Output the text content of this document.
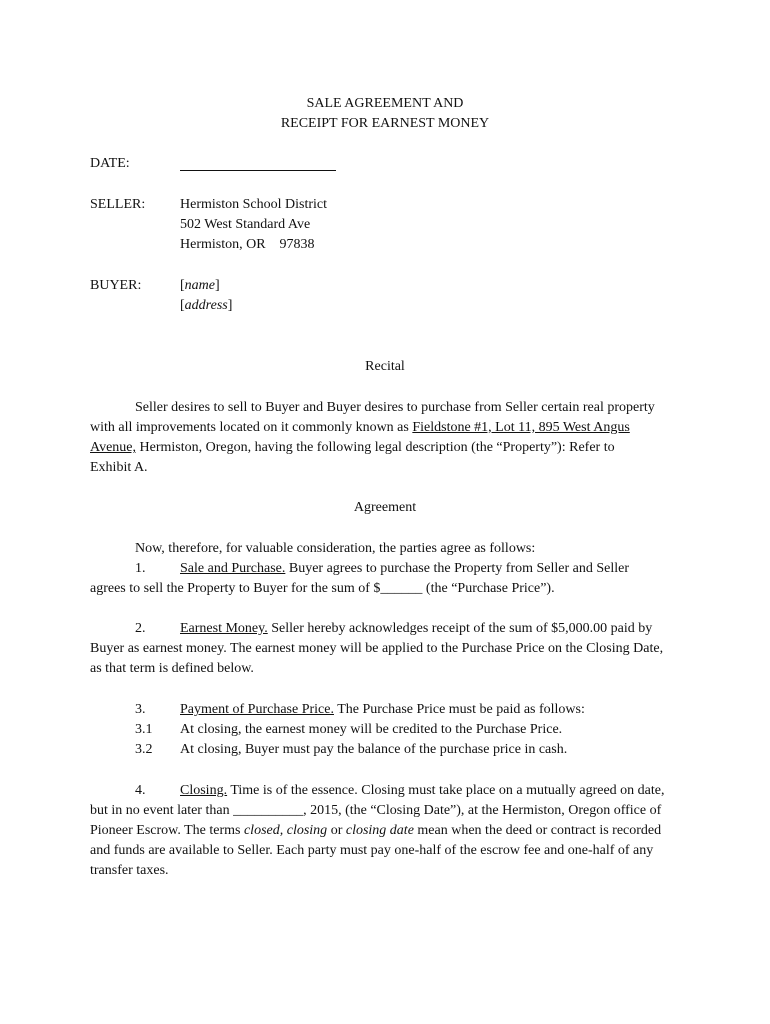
SALE AGREEMENT AND
RECEIPT FOR EARNEST MONEY
DATE:
SELLER: Hermiston School District
502 West Standard Ave
Hermiston, OR    97838
BUYER:	[name]
[address]
Recital
Seller desires to sell to Buyer and Buyer desires to purchase from Seller certain real property
with all improvements located on it commonly known as Fieldstone #1, Lot 11, 895 West Angus
Avenue, Hermiston, Oregon, having the following legal description (the “Property”): Refer to
Exhibit A.
Agreement
Now, therefore, for valuable consideration, the parties agree as follows:
1. Sale and Purchase. Buyer agrees to purchase the Property from Seller and Seller
agrees to sell the Property to Buyer for the sum of $______ (the “Purchase Price”).
2. Earnest Money. Seller hereby acknowledges receipt of the sum of $5,000.00 paid by
Buyer as earnest money. The earnest money will be applied to the Purchase Price on the Closing Date,
as that term is defined below.
3. Payment of Purchase Price. The Purchase Price must be paid as follows:
3.1 At closing, the earnest money will be credited to the Purchase Price.
3.2 At closing, Buyer must pay the balance of the purchase price in cash.
4. Closing. Time is of the essence. Closing must take place on a mutually agreed on date,
but in no event later than __________, 2015, (the “Closing Date”), at the Hermiston, Oregon office of
Pioneer Escrow. The terms closed, closing or closing date mean when the deed or contract is recorded
and funds are available to Seller. Each party must pay one-half of the escrow fee and one-half of any
transfer taxes.
